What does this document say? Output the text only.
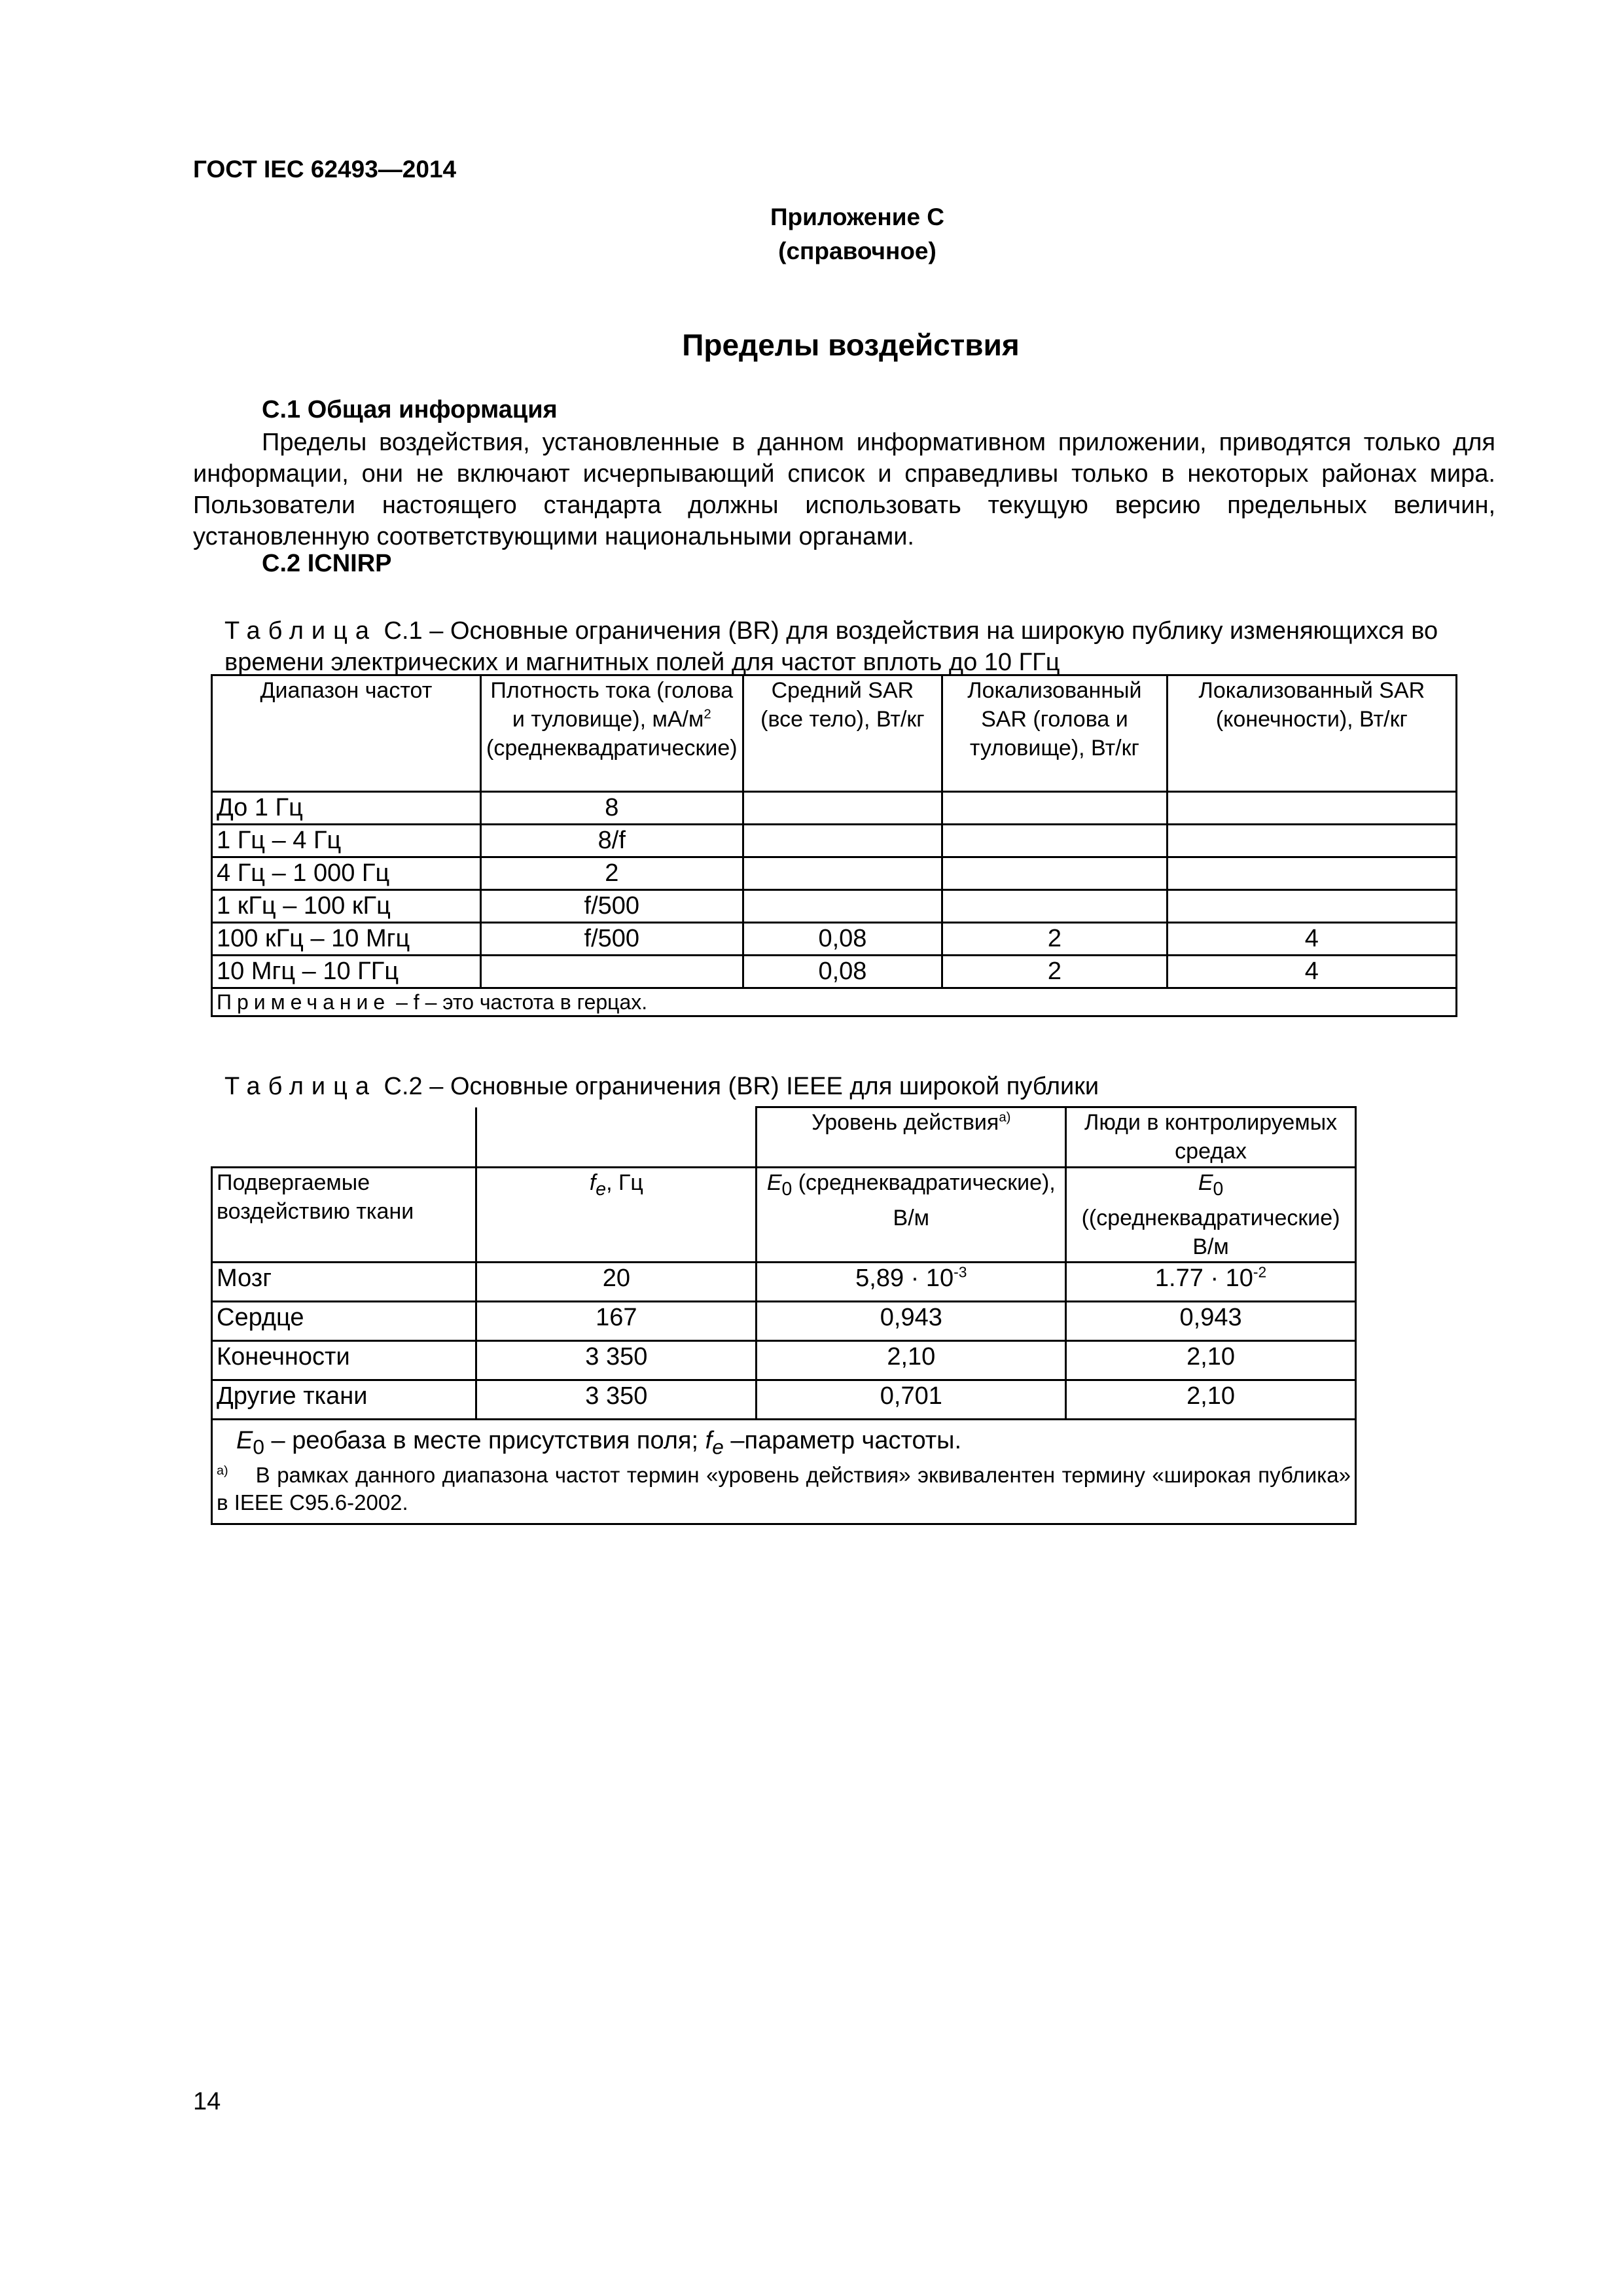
ГОСТ IEC 62493—2014
Приложение С
(справочное)
Пределы воздействия
С.1 Общая информация
Пределы воздействия, установленные в данном информативном приложении, приводятся только для информации, они не включают исчерпывающий список и справедливы только в некоторых районах мира. Пользователи настоящего стандарта должны использовать текущую версию предельных величин, установленную соответствующими национальными органами.
С.2 ICNIRP
Таблица С.1 – Основные ограничения (BR) для воздействия на широкую публику изменяющихся во времени электрических и магнитных полей для частот вплоть до 10 ГГц
Диапазон частот	Плотность тока (голова и туловище), $мА/м^2$ (среднеквадратические)	Средний SAR (все тело), Вт/кг	Локализованный SAR (голова и туловище), Вт/кг	Локализованный SAR (конечности), Вт/кг
До 1 Гц	8			
1 Гц – 4 Гц	8/f			
4 Гц – 1 000 Гц	2			
1 кГц – 100 кГц	f/500			
100 кГц – 10 Мгц	f/500	0,08	2	4
10 Мгц – 10 ГГц		0,08	2	4
Примечание – f – это частота в герцах.				
Таблица С.2 – Основные ограничения (BR) IEEE для широкой публики
		Уровень действия$^{a)}$	Люди в контролируемых средах
Подвергаемые воздействию ткани	$f_e$, Гц	$E_0$ (среднеквадратические), В/м	$E_0$ ((среднеквадратические) В/м
Мозг	20	$5,89 \cdot 10^{-3}$	$1.77 \cdot 10^{-2}$
Сердце	167	0,943	0,943
Конечности	3 350	2,10	2,10
Другие ткани	3 350	0,701	2,10

$E_0$ – реобаза в месте присутствия поля; $f_e$ –параметр частоты.
$^{a)}$ В рамках данного диапазона частот термин «уровень действия» эквивалентен термину «широкая публика» в IEEE C95.6-2002.			
14
